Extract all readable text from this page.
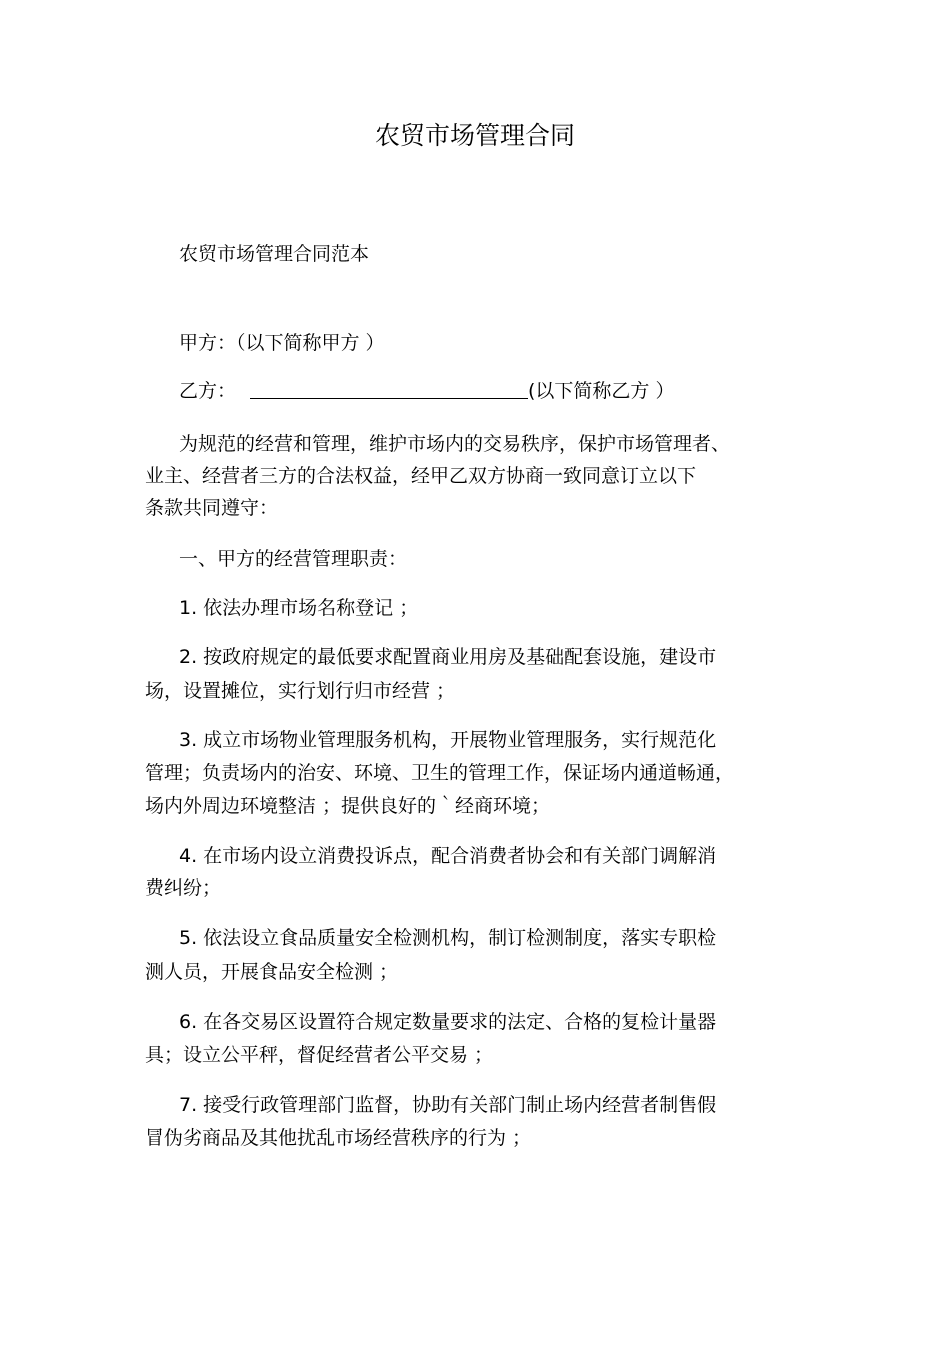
农贸市场管理合同
农贸市场管理合同范本
甲方：（以下简称甲方 ）
乙方：	(以下简称乙方 ）
为规范的经营和管理，维护市场内的交易秩序，保护市场管理者、
业主、经营者三方的合法权益，经甲乙双方协商一致同意订立以下
条款共同遵守：
一、甲方的经营管理职责：
1. 依法办理市场名称登记 ；
2. 按政府规定的最低要求配置商业用房及基础配套设施，建设市
场，设置摊位，实行划行归市经营 ；
3. 成立市场物业管理服务机构，开展物业管理服务，实行规范化
管理；负责场内的治安、环境、卫生的管理工作，保证场内通道畅通，
场内外周边环境整洁 ；提供良好的｀经商环境；
4. 在市场内设立消费投诉点，配合消费者协会和有关部门调解消
费纠纷；
5. 依法设立食品质量安全检测机构，制订检测制度，落实专职检
测人员，开展食品安全检测 ；
6. 在各交易区设置符合规定数量要求的法定、合格的复检计量器
具；设立公平秤，督促经营者公平交易 ；
7. 接受行政管理部门监督，协助有关部门制止场内经营者制售假
冒伪劣商品及其他扰乱市场经营秩序的行为 ；
